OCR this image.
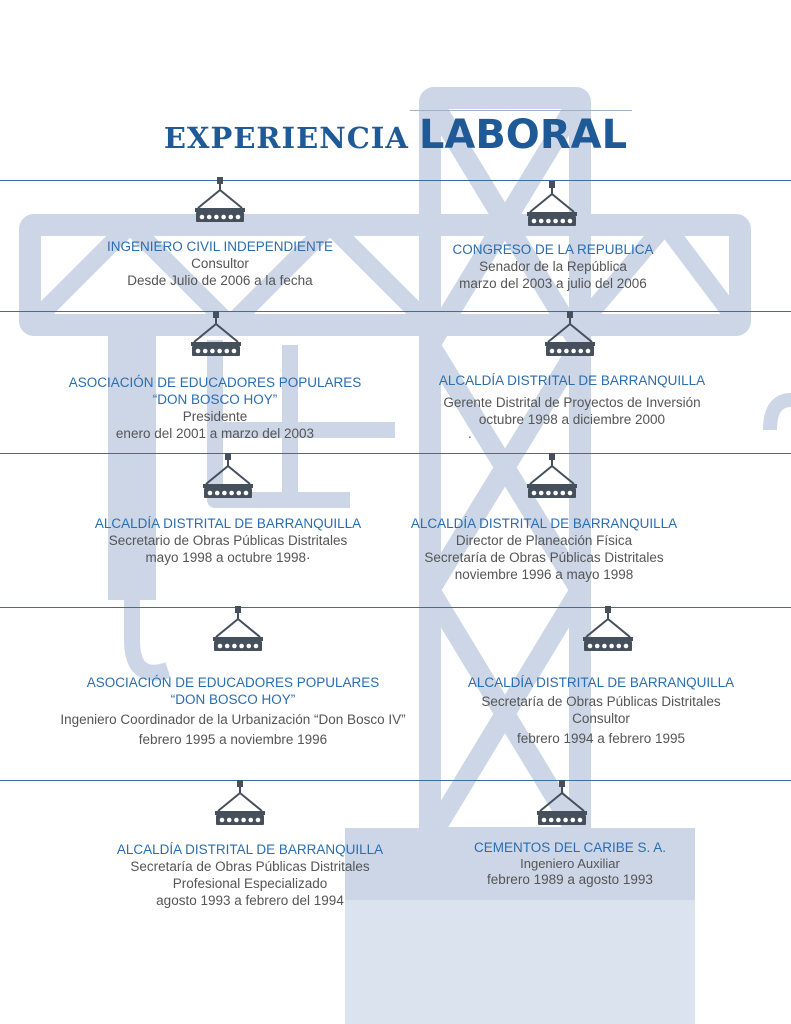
EXPERIENCIA LABORAL
INGENIERO CIVIL INDEPENDIENTE
Consultor
Desde Julio de 2006 a la fecha
CONGRESO DE LA REPUBLICA
Senador de la República
marzo del 2003 a julio del 2006
ASOCIACIÓN DE EDUCADORES POPULARES
“DON BOSCO HOY”
Presidente
enero del 2001 a marzo del 2003
ALCALDÍA DISTRITAL DE BARRANQUILLA
Gerente Distrital de Proyectos de Inversión
octubre 1998 a diciembre 2000
.
ALCALDÍA DISTRITAL DE BARRANQUILLA
Secretario de Obras Públicas Distritales
mayo 1998 a octubre 1998·
ALCALDÍA DISTRITAL DE BARRANQUILLA
Director de Planeación Física
Secretaría de Obras Públicas Distritales
noviembre 1996 a mayo 1998
ASOCIACIÓN DE EDUCADORES POPULARES
“DON BOSCO HOY”
Ingeniero Coordinador de la Urbanización “Don Bosco IV”
febrero 1995 a noviembre 1996
ALCALDÍA DISTRITAL DE BARRANQUILLA
Secretaría de Obras Públicas Distritales
Consultor
febrero 1994 a febrero 1995
ALCALDÍA DISTRITAL DE BARRANQUILLA
Secretaría de Obras Públicas Distritales
Profesional Especializado
agosto 1993 a febrero del 1994
CEMENTOS DEL CARIBE S. A.
Ingeniero Auxiliar
febrero 1989 a agosto 1993
